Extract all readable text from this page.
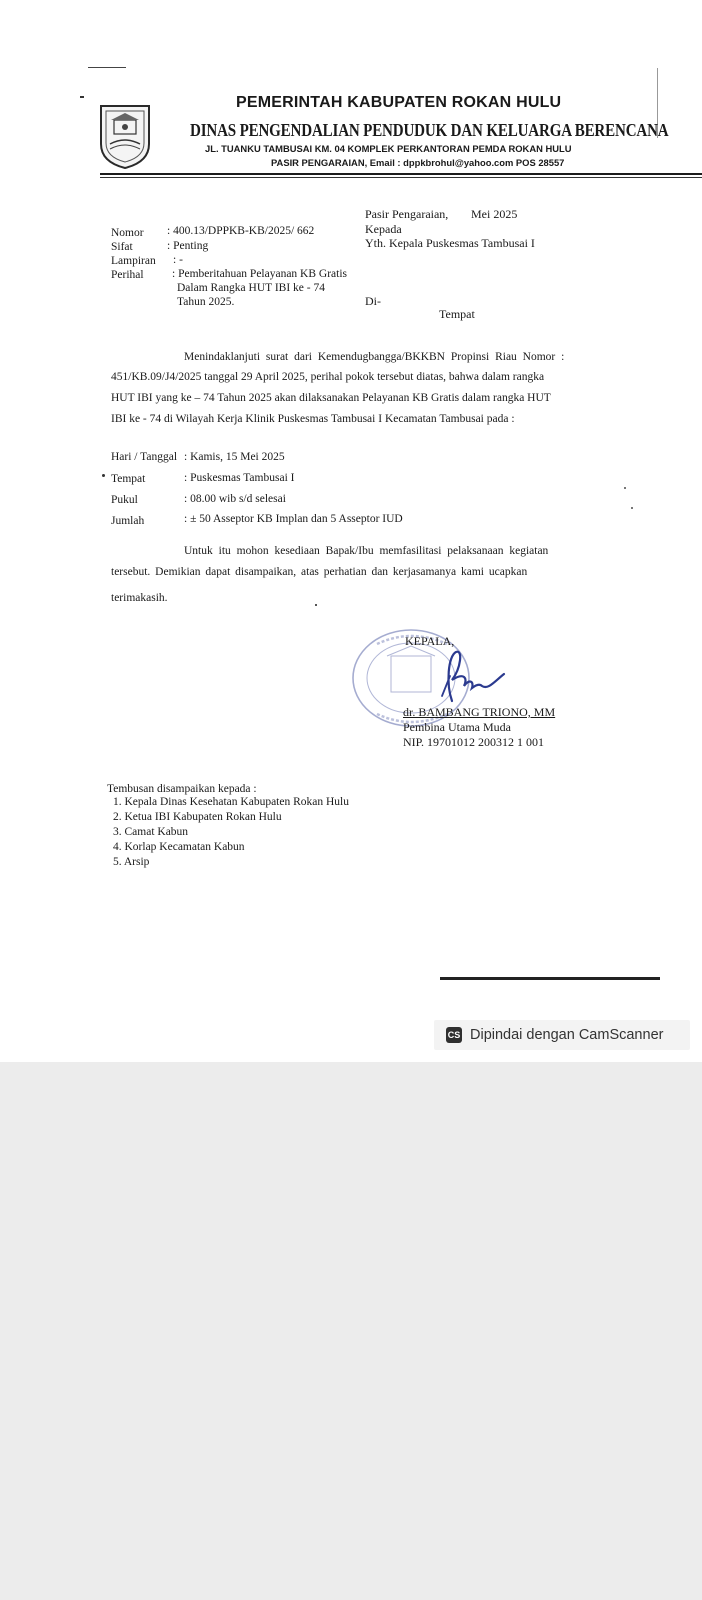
PEMERINTAH KABUPATEN ROKAN HULU
DINAS PENGENDALIAN PENDUDUK DAN KELUARGA BERENCANA
JL. TUANKU TAMBUSAI KM. 04 KOMPLEK PERKANTORAN PEMDA ROKAN HULU
PASIR PENGARAIAN, Email : dppkbrohul@yahoo.com POS 28557
Pasir Pengaraian, Mei 2025
Kepada
Yth. Kepala Puskesmas Tambusai I
Nomor : 400.13/DPPKB-KB/2025/ 662
Sifat	: Penting
Lampiran : -
Perihal : Pemberitahuan Pelayanan KB Gratis
Dalam Rangka HUT IBI ke - 74
Tahun 2025.	Di-
Tempat
Menindaklanjuti surat dari Kemendugbangga/BKKBN Propinsi Riau Nomor :
451/KB.09/J4/2025 tanggal 29 April 2025, perihal pokok tersebut diatas, bahwa dalam rangka
HUT IBI yang ke – 74 Tahun 2025 akan dilaksanakan Pelayanan KB Gratis dalam rangka HUT
IBI ke - 74 di Wilayah Kerja Klinik Puskesmas Tambusai I Kecamatan Tambusai pada :
Hari / Tanggal : Kamis, 15 Mei 2025
Tempat	: Puskesmas Tambusai I
Pukul	: 08.00 wib s/d selesai
Jumlah	: ± 50 Asseptor KB Implan dan 5 Asseptor IUD
Untuk itu mohon kesediaan Bapak/Ibu memfasilitasi pelaksanaan kegiatan
tersebut. Demikian dapat disampaikan, atas perhatian dan kerjasamanya kami ucapkan
terimakasih.
KEPALA,
dr. BAMBANG TRIONO, MM
Pembina Utama Muda
NIP. 19701012 200312 1 001
Tembusan disampaikan kepada :
1. Kepala Dinas Kesehatan Kabupaten Rokan Hulu
2. Ketua IBI Kabupaten Rokan Hulu
3. Camat Kabun
4. Korlap Kecamatan Kabun
5. Arsip
CS Dipindai dengan CamScanner
